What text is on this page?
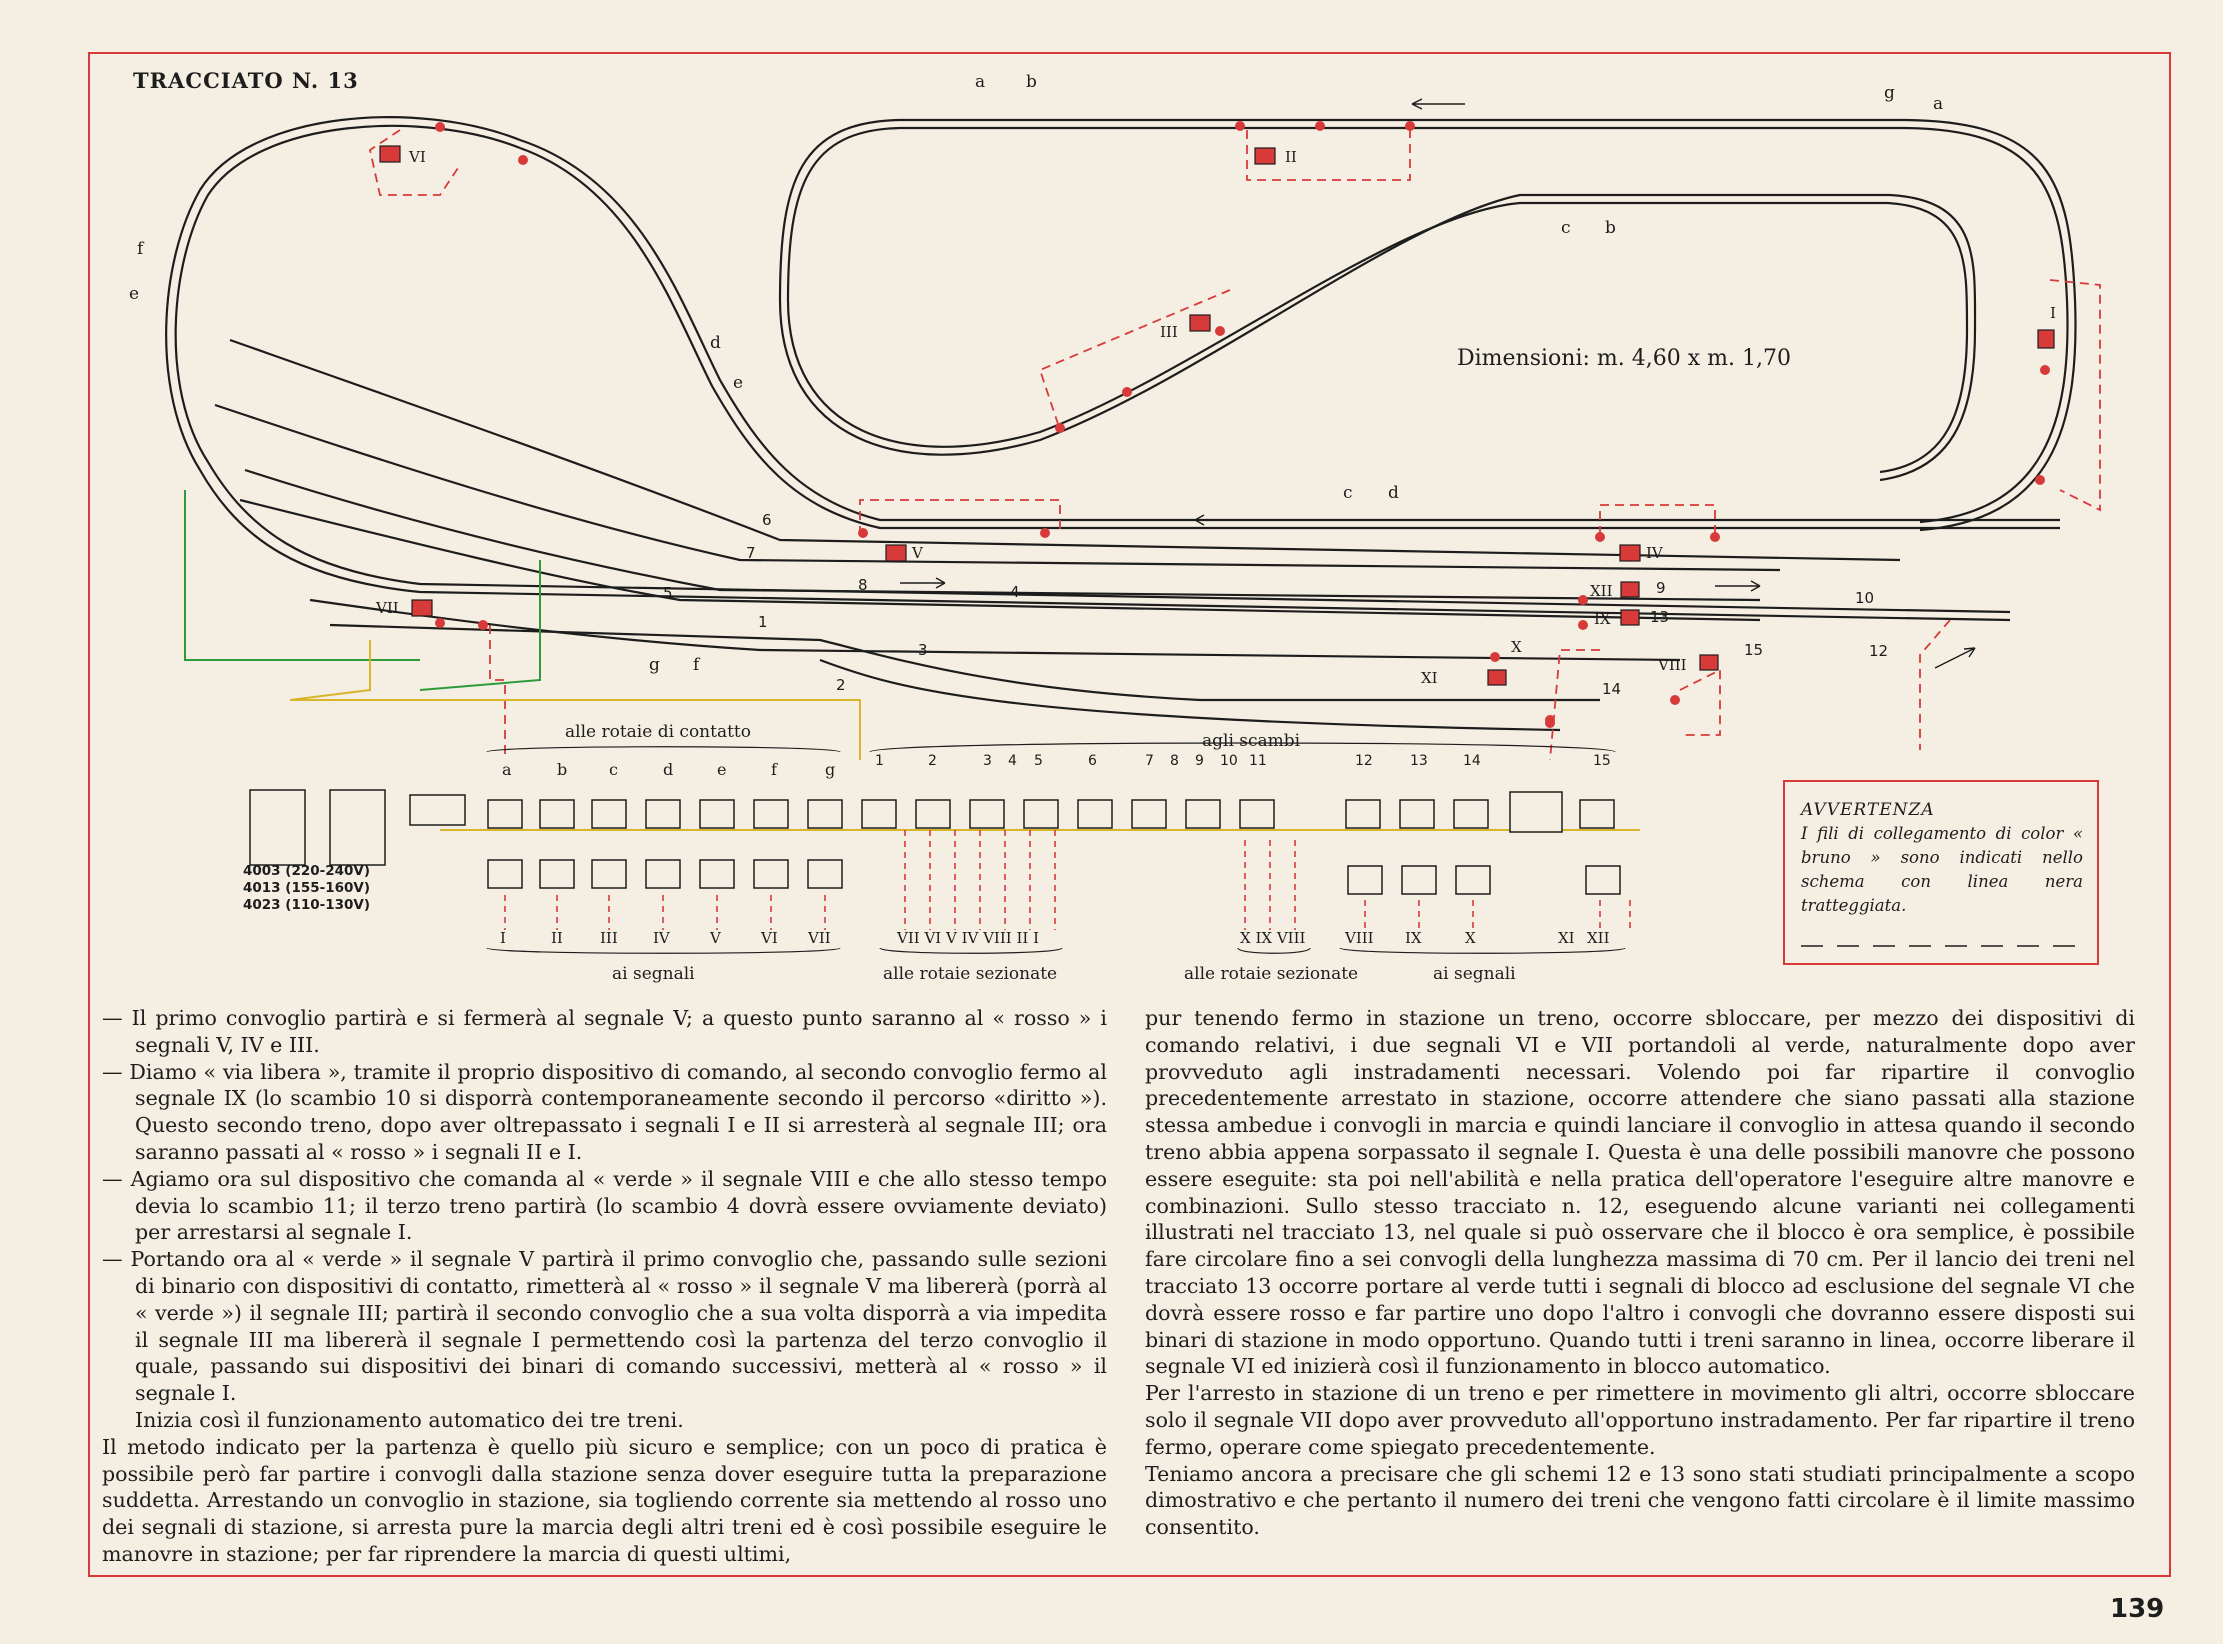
TRACCIATO N. 13
Dimensioni: m. 4,60 x m. 1,70
a b
g
a
f
e
d
e
c b
c d
g f
VI	II
III
I
V	IV
VII
XII
IX
X
XI
VIII
1
2
3
4
5
6
7
8	9
10
12
13
14
15
alle rotaie di contatto	agli scambi
a	b	c	d	e	f	g	1	2	3 4 5	6	7 8 9 10 11	12	13	14	15
4003 (220-240V)
4013 (155-160V)
4023 (110-130V)
I	II III IV	V	VI VII	VII VI V IV VIII II I	X IX VIII	VIII IX	X	XI XII
ai segnali	alle rotaie sezionate	alle rotaie sezionate	ai segnali
AVVERTENZA
I fili di collegamento di color « bruno » sono indicati nello schema con linea nera tratteggiata.

— Il primo convoglio partirà e si fermerà al segnale V; a questo punto saranno al « rosso » i segnali V, IV e III.

— Diamo « via libera », tramite il proprio dispositivo di comando, al secondo convoglio fermo al segnale IX (lo scambio 10 si disporrà contemporaneamente secondo il percorso «diritto »). Questo secondo treno, dopo aver oltrepassato i segnali I e II si arresterà al segnale III; ora saranno passati al « rosso » i segnali II e I.

— Agiamo ora sul dispositivo che comanda al « verde » il segnale VIII e che allo stesso tempo devia lo scambio 11; il terzo treno partirà (lo scambio 4 dovrà essere ovviamente deviato) per arrestarsi al segnale I.

— Portando ora al « verde » il segnale V partirà il primo convoglio che, passando sulle sezioni di binario con dispositivi di contatto, rimetterà al « rosso » il segnale V ma libererà (porrà al « verde ») il segnale III; partirà il secondo convoglio che a sua volta disporrà a via impedita il segnale III ma libererà il segnale I permettendo così la partenza del terzo convoglio il quale, passando sui dispositivi dei binari di comando successivi, metterà al « rosso » il segnale I.

Inizia così il funzionamento automatico dei tre treni.

Il metodo indicato per la partenza è quello più sicuro e semplice; con un poco di pratica è possibile però far partire i convogli dalla stazione senza dover eseguire tutta la preparazione suddetta. Arrestando un convoglio in stazione, sia togliendo corrente sia mettendo al rosso uno dei segnali di stazione, si arresta pure la marcia degli altri treni ed è così possibile eseguire le manovre in stazione; per far riprendere la marcia di questi ultimi,

pur tenendo fermo in stazione un treno, occorre sbloccare, per mezzo dei dispositivi di comando relativi, i due segnali VI e VII portandoli al verde, naturalmente dopo aver provveduto agli instradamenti necessari. Volendo poi far ripartire il convoglio precedentemente arrestato in stazione, occorre attendere che siano passati alla stazione stessa ambedue i convogli in marcia e quindi lanciare il convoglio in attesa quando il secondo treno abbia appena sorpassato il segnale I. Questa è una delle possibili manovre che possono essere eseguite: sta poi nell'abilità e nella pratica dell'operatore l'eseguire altre manovre e combinazioni. Sullo stesso tracciato n. 12, eseguendo alcune varianti nei collegamenti illustrati nel tracciato 13, nel quale si può osservare che il blocco è ora semplice, è possibile fare circolare fino a sei convogli della lunghezza massima di 70 cm. Per il lancio dei treni nel tracciato 13 occorre portare al verde tutti i segnali di blocco ad esclusione del segnale VI che dovrà essere rosso e far partire uno dopo l'altro i convogli che dovranno essere disposti sui binari di stazione in modo opportuno. Quando tutti i treni saranno in linea, occorre liberare il segnale VI ed inizierà così il funzionamento in blocco automatico.

Per l'arresto in stazione di un treno e per rimettere in movimento gli altri, occorre sbloccare solo il segnale VII dopo aver provveduto all'opportuno instradamento. Per far ripartire il treno fermo, operare come spiegato precedentemente.

Teniamo ancora a precisare che gli schemi 12 e 13 sono stati studiati principalmente a scopo dimostrativo e che pertanto il numero dei treni che vengono fatti circolare è il limite massimo consentito.

139
